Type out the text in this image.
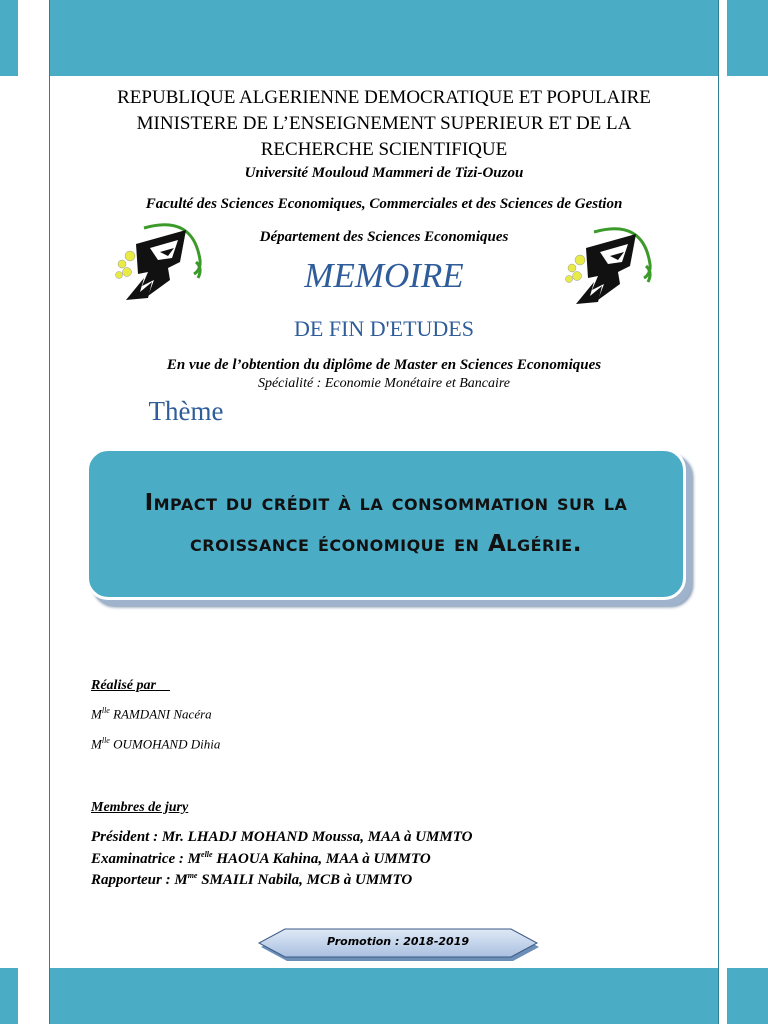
REPUBLIQUE ALGERIENNE DEMOCRATIQUE ET POPULAIRE
MINISTERE DE L’ENSEIGNEMENT SUPERIEUR ET DE LA
RECHERCHE SCIENTIFIQUE
Université Mouloud Mammeri de Tizi-Ouzou
Faculté des Sciences Economiques, Commerciales et des Sciences de Gestion
Département des Sciences Economiques
MEMOIRE
DE FIN D'ETUDES
En vue de l’obtention du diplôme de Master en Sciences Economiques
Spécialité : Economie Monétaire et Bancaire
Thème
Impact du crédit à la consommation sur la croissance économique en Algérie.
Réalisé par
$M^{lle}$ RAMDANI Nacéra
$M^{lle}$ OUMOHAND Dihia
Membres de jury
Président : Mr. LHADJ MOHAND Moussa, MAA à UMMTO
Examinatrice : $M^{elle}$ HAOUA Kahina, MAA à UMMTO
Rapporteur : $M^{me}$ SMAILI Nabila, MCB à UMMTO
Promotion : 2018-2019
